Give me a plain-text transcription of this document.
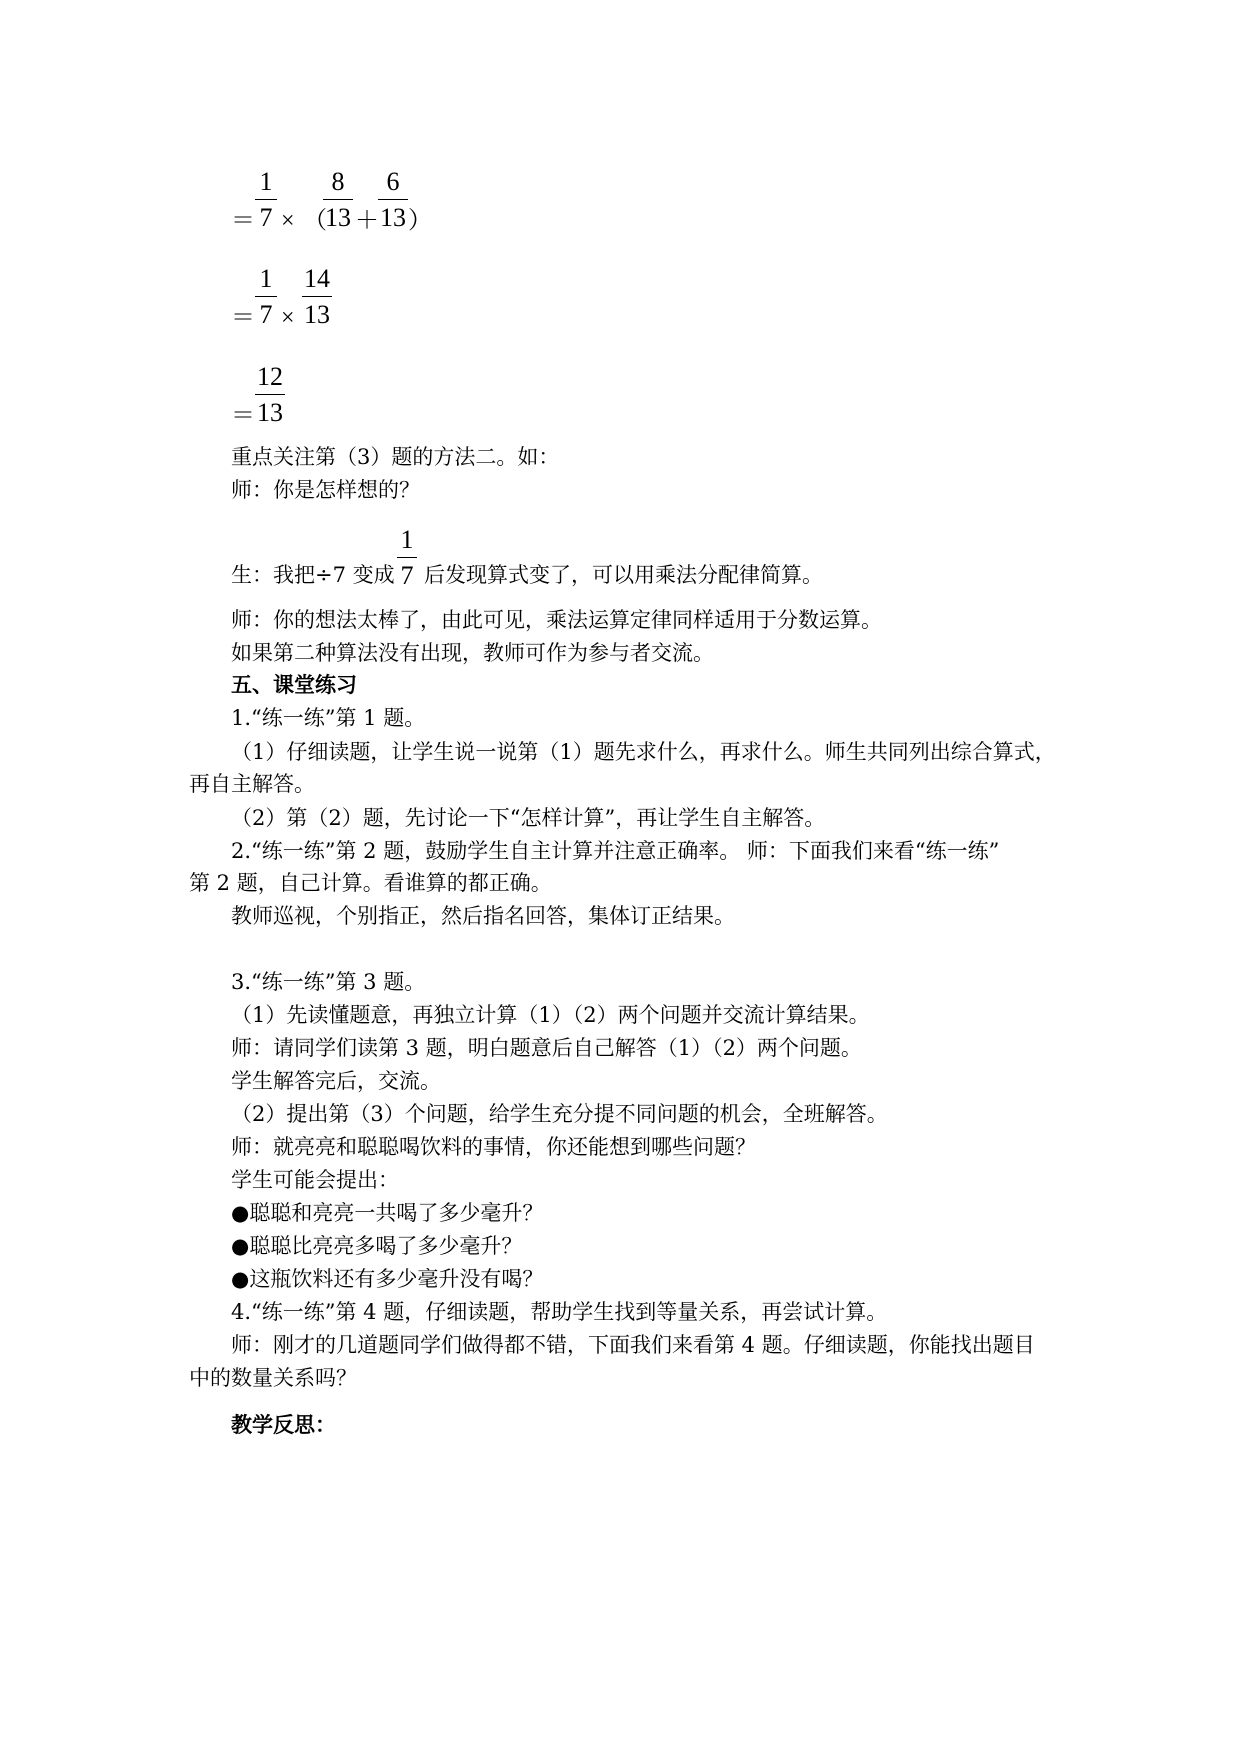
＝
1
7 × （
8
13 ＋
6
13 ）
＝
1
7 ×
14
13
＝
12
13
重点关注第（3）题的方法二。如：
师：你是怎样想的？
生：我把÷7 变成
1
7 后发现算式变了，可以用乘法分配律简算。
师：你的想法太棒了，由此可见，乘法运算定律同样适用于分数运算。
如果第二种算法没有出现，教师可作为参与者交流。
五、课堂练习
1.“练一练”第 1 题。
（1）仔细读题，让学生说一说第（1）题先求什么，再求什么。师生共同列出综合算式，
再自主解答。
（2）第（2）题，先讨论一下“怎样计算”，再让学生自主解答。
2.“练一练”第 2 题，鼓励学生自主计算并注意正确率。 师：下面我们来看“练一练”
第 2 题，自己计算。看谁算的都正确。
教师巡视，个别指正，然后指名回答，集体订正结果。
3.“练一练”第 3 题。
（1）先读懂题意，再独立计算（1）（2）两个问题并交流计算结果。
师：请同学们读第 3 题，明白题意后自己解答（1）（2）两个问题。
学生解答完后，交流。
（2）提出第（3）个问题，给学生充分提不同问题的机会，全班解答。
师：就亮亮和聪聪喝饮料的事情，你还能想到哪些问题？
学生可能会提出：
●聪聪和亮亮一共喝了多少毫升？
●聪聪比亮亮多喝了多少毫升？
●这瓶饮料还有多少毫升没有喝？
4.“练一练”第 4 题，仔细读题，帮助学生找到等量关系，再尝试计算。
师：刚才的几道题同学们做得都不错，下面我们来看第 4 题。仔细读题，你能找出题目
中的数量关系吗？
教学反思：
